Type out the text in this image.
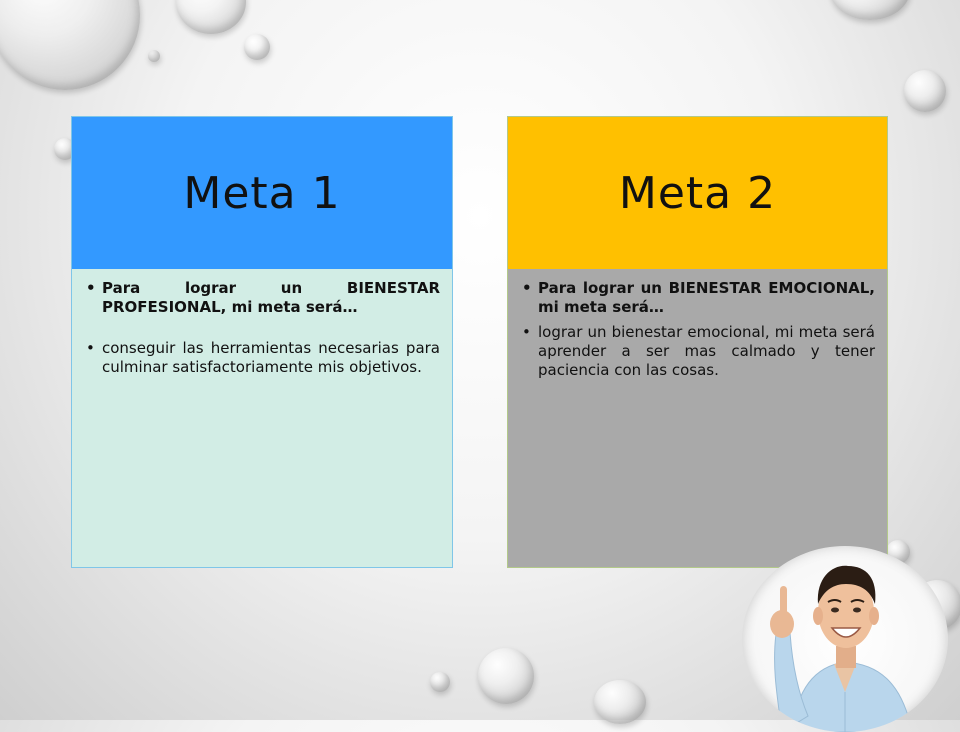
Meta 1
• Para lograr un BIENESTAR PROFESIONAL, mi meta será…
• conseguir las herramientas necesarias para culminar satisfactoriamente mis objetivos.
Meta 2
• Para lograr un BIENESTAR EMOCIONAL, mi meta será…
• lograr un bienestar emocional, mi meta será aprender a ser mas calmado y tener paciencia con las cosas.
